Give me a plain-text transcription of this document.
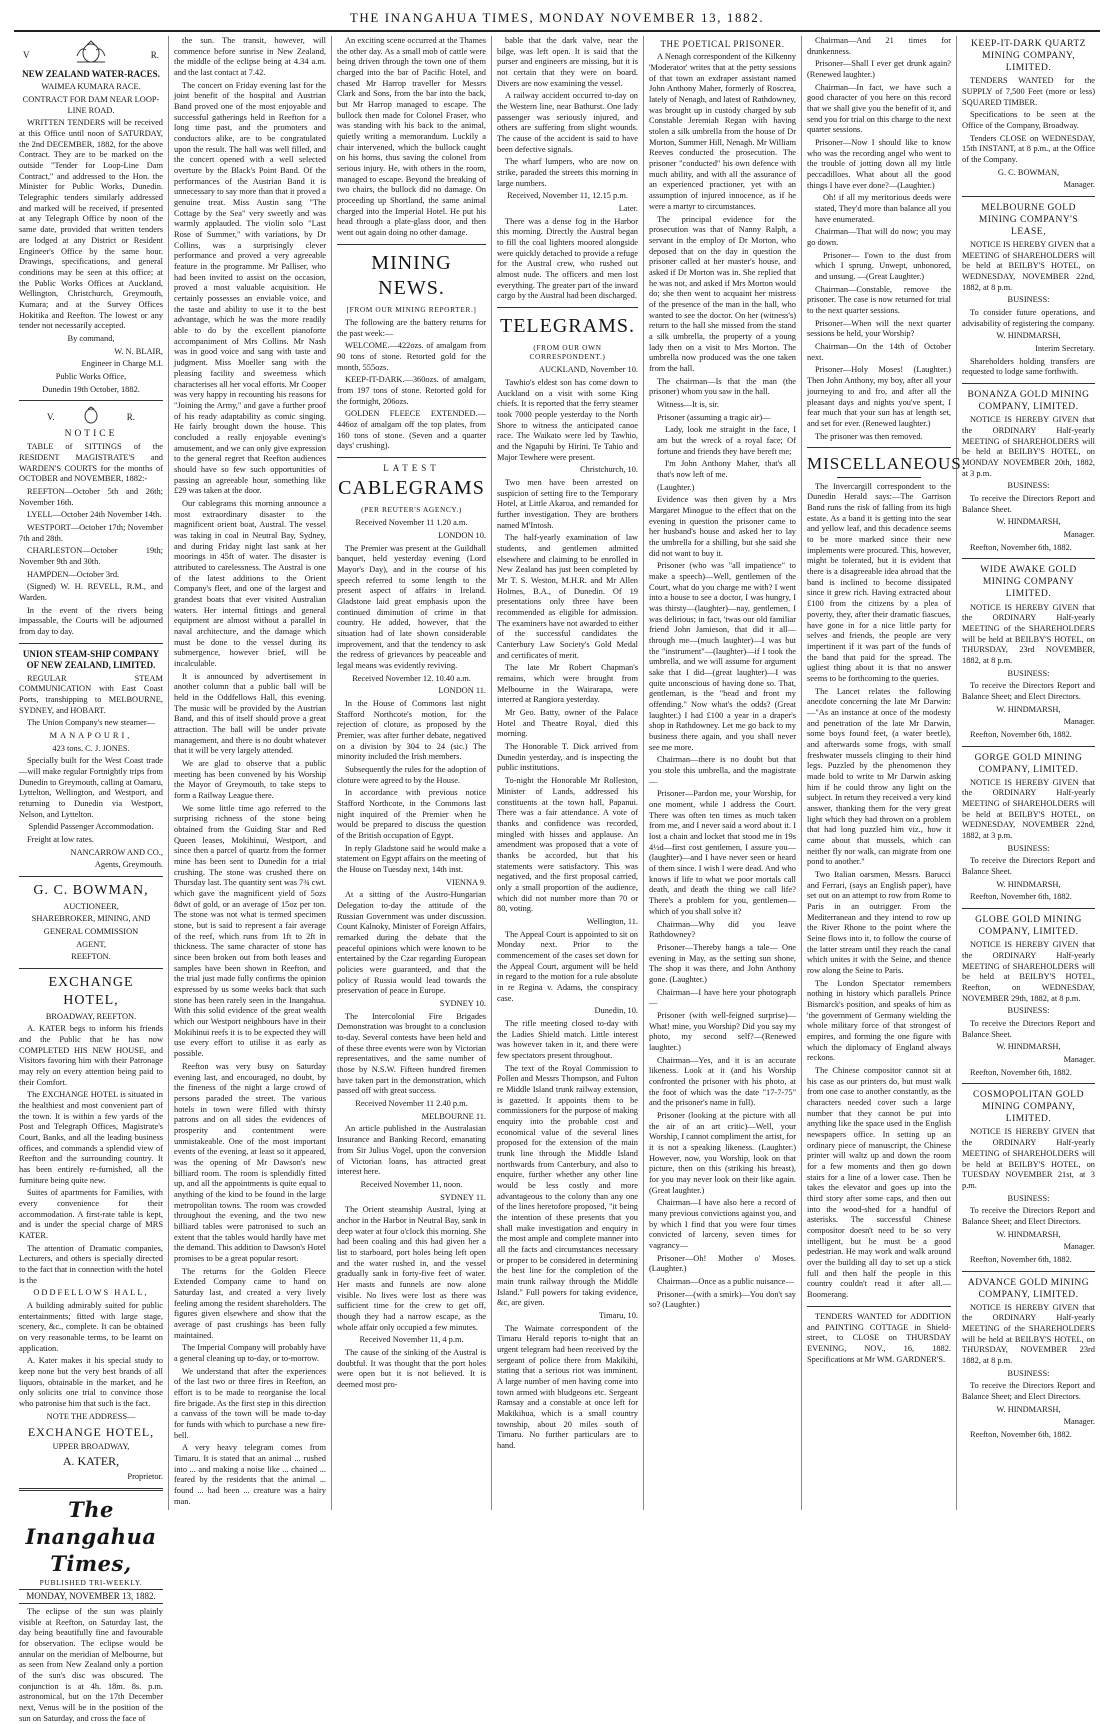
THE INANGAHUA TIMES, MONDAY NOVEMBER 13, 1882.
V	R.

NEW ZEALAND WATER-RACES.

WAIMEA KUMARA RACE.

CONTRACT FOR DAM NEAR LOOP-LINE ROAD.

WRITTEN TENDERS will be received at this Office until noon of SATURDAY, the 2nd DECEMBER, 1882, for the above Contract. They are to be marked on the outside "Tender for Loop-Line Dam Contract," and addressed to the Hon. the Minister for Public Works, Dunedin. Telegraphic tenders similarly addressed and marked will be received, if presented at any Telegraph Office by noon of the same date, provided that written tenders are lodged at any District or Resident Engineer's Office by the same hour. Drawings, specifications, and general conditions may be seen at this office; at the Public Works Offices at Auckland, Wellington, Christchurch, Greymouth, Kumara; and at the Survey Offices Hokitika and Reefton. The lowest or any tender not necessarily accepted.

By command,

W. N. BLAIR,

Engineer in Charge M.I.

Public Works Office,

Dunedin 19th October, 1882.

V.	R.

NOTICE

TABLE of SITTINGS of the RESIDENT MAGISTRATE'S and WARDEN'S COURTS for the months of OCTOBER and NOVEMBER, 1882:-

REEFTON—October 5th and 26th; November 16th.

LYELL—October 24th November 14th.

WESTPORT—October 17th; November 7th and 28th.

CHARLESTON—October 19th; November 9th and 30th.

HAMPDEN—October 3rd.

(Signed) W. H. REVELL, R.M., and Warden.

In the event of the rivers being impassable, the Courts will be adjourned from day to day.

UNION STEAM-SHIP COMPANY OF NEW ZEALAND, LIMITED.

REGULAR STEAM COMMUNICATION with East Coast Ports, transhipping to MELBOURNE, SYDNEY, and HOBART.

The Union Company's new steamer—

MANAPOURI,

423 tons. C. J. JONES.

Specially built for the West Coast trade—will make regular Fortnightly trips from Dunedin to Greymouth, calling at Oamaru, Lyttelton, Wellington, and Westport, and returning to Dunedin via Westport, Nelson, and Lyttelton.

Splendid Passenger Accommodation.

Freight at low rates.

NANCARROW AND CO.,

Agents, Greymouth.

G. C. BOWMAN,

AUCTIONEER,

SHAREBROKER, MINING, AND

GENERAL COMMISSION

AGENT,

REEFTON.

EXCHANGE HOTEL,

BROADWAY, REEFTON.

A. KATER begs to inform his friends and the Public that he has now COMPLETED HIS NEW HOUSE, and Visitors favoring him with their Patronage may rely on every attention being paid to their Comfort.

The EXCHANGE HOTEL is situated in the healthiest and most convenient part of the town. It is within a few yards of the Post and Telegraph Offices, Magistrate's Court, Banks, and all the leading business offices, and commands a splendid view of Reefton and the surrounding country. It has been entirely re-furnished, all the furniture being quite new.

Suites of apartments for Families, with every convenience for their accommodation. A first-rate table is kept, and is under the special charge of MRS KATER.

The attention of Dramatic companies, Lecturers, and others is specially directed to the fact that in connection with the hotel is the

ODDFELLOWS HALL,

A building admirably suited for public entertainments; fitted with large stage, scenery, &c., complete. It can be obtained on very reasonable terms, to be learnt on application.

A. Kater makes it his special study to keep none but the very best brands of all liquors, obtainable in the market, and he only solicits one trial to convince those who patronise him that such is the fact.

NOTE THE ADDRESS—

EXCHANGE HOTEL,

UPPER BROADWAY,

A. KATER,

Proprietor.

The Inangahua Times,

PUBLISHED TRI-WEEKLY.

MONDAY, NOVEMBER 13, 1882.

The eclipse of the sun was plainly visible at Reefton, on Saturday last, the day being beautifully fine and favourable for observation. The eclipse would be annular on the meridian of Melbourne, but as seen from New Zealand only a portion of the sun's disc was obscured. The conjunction is at 4h. 18m. 8s. p.m. astronomical, but on the 17th December next, Venus will be in the position of the sun on Saturday, and cross the face of

the sun. The transit, however, will commence before sunrise in New Zealand, the middle of the eclipse being at 4.34 a.m. and the last contact at 7.42.

The concert on Friday evening last for the joint benefit of the hospital and Austrian Band proved one of the most enjoyable and successful gatherings held in Reefton for a long time past, and the promoters and conductors alike, are to be congratulated upon the result. The hall was well filled, and the concert opened with a well selected overture by the Black's Point Band. Of the performances of the Austrian Band it is unnecessary to say more than that it proved a genuine treat. Miss Austin sang "The Cottage by the Sea" very sweetly and was warmly applauded. The violin solo "Last Rose of Summer," with variations, by Dr Collins, was a surprisingly clever performance and proved a very agreeable feature in the programme. Mr Palliser, who had been invited to assist on the occasion, proved a most valuable acquisition. He certainly possesses an enviable voice, and the taste and ability to use it to the best advantage, which he was the more readily able to do by the excellent pianoforte accompaniment of Mrs Collins. Mr Nash was in good voice and sang with taste and judgment. Miss Moeller sang with the pleasing facility and sweetness which characterises all her vocal efforts. Mr Cooper was very happy in recounting his reasons for "Joining the Army," and gave a further proof of his ready adaptability as comic singing. He fairly brought down the house. This concluded a really enjoyable evening's amusement, and we can only give expression to the general regret that Reefton audiences should have so few such opportunities of passing an agreeable hour, something like £29 was taken at the door.

Our cablegrams this morning announce a most extraordinary disaster to the magnificent orient boat, Austral. The vessel was taking in coal in Neutral Bay, Sydney, and during Friday night last sank at her moorings in 45ft of water. The disaster is attributed to carelessness. The Austral is one of the latest additions to the Orient Company's fleet, and one of the largest and grandest boats that ever visited Australian waters. Her internal fittings and general equipment are almost without a parallel in naval architecture, and the damage which must be done to the vessel during its submergence, however brief, will be incalculable.

It is announced by advertisement in another column that a public ball will be held in the Oddfellows Hall, this evening. The music will be provided by the Austrian Band, and this of itself should prove a great attraction. The ball will be under private management, and there is no doubt whatever that it will be very largely attended.

We are glad to observe that a public meeting has been convened by his Worship the Mayor of Greymouth, to take steps to form a Railway League there.

We some little time ago referred to the surprising richness of the stone being obtained from the Guiding Star and Red Queen leases, Mokihinui, Westport, and since then a parcel of quartz from the former mine has been sent to Dunedin for a trial crushing. The stone was crushed there on Thursday last. The quantity sent was 7¾ cwt. which gave the magnificent yield of 5ozs 8dwt of gold, or an average of 15oz per ton. The stone was not what is termed specimen stone, but is said to represent a fair average of the reef, which runs from 1ft to 2ft in thickness. The same character of stone has since been broken out from both leases and samples have been shown in Reefton, and the trial just made fully confirms the opinion expressed by us some weeks back that such stone has been rarely seen in the Inangahua. With this solid evidence of the great wealth which our Westport neighbours have in their Mokihinui reefs it is to be expected they will use every effort to utilise it as early as possible.

Reefton was very busy on Saturday evening last, and encouraged, no doubt, by the fineness of the night a large crowd of persons paraded the street. The various hotels in town were filled with thirsty patrons and on all sides the evidences of prosperity and contentment were unmistakeable. One of the most important events of the evening, at least so it appeared, was the opening of Mr Dawson's new billiard room. The room is splendidly fitted up, and all the appointments is quite equal to anything of the kind to be found in the large metropolitan towns. The room was crowded throughout the evening, and the two new billiard tables were patronised to such an extent that the tables would hardly have met the demand. This addition to Dawson's Hotel promises to be a great popular resort.

The returns for the Golden Fleece Extended Company came to hand on Saturday last, and created a very lively feeling among the resident shareholders. The figures given elsewhere and show that the average of past crushings has been fully maintained.

The Imperial Company will probably have a general cleaning up to-day, or to-morrow.

We understand that after the experiences of the last two or three fires in Reefton, an effort is to be made to reorganise the local fire brigade. As the first step in this direction a canvass of the town will be made to-day for funds with which to purchase a new fire-bell.

A very heavy telegram comes from Timaru. It is stated that an animal ... rushed into ... and making a noise like ... chained ... feared by the residents that the animal ... found ... had been ... creature was a hairy man.

An exciting scene occurred at the Thames the other day. As a small mob of cattle were being driven through the town one of them charged into the bar of Pacific Hotel, and chased Mr Harrop traveller for Messrs Clark and Sons, from the bar into the back, but Mr Harrop managed to escape. The bullock then made for Colonel Fraser, who was standing with his back to the animal, quietly writing a memorandum. Luckily a chair intervened, which the bullock caught on his horns, thus saving the colonel from serious injury. He, with others in the room, managed to escape. Beyond the breaking of two chairs, the bullock did no damage. On proceeding up Shortland, the same animal charged into the Imperial Hotel. He put his head through a plate-glass door, and then went out again doing no other damage.

MINING NEWS.

[FROM OUR MINING REPORTER.]

The following are the battery returns for the past week:—

WELCOME.—422ozs. of amalgam from 90 tons of stone. Retorted gold for the month, 555ozs.

KEEP-IT-DARK.—360ozs. of amalgam, from 197 tons of stone. Retorted gold for the fortnight, 206ozs.

GOLDEN FLEECE EXTENDED.—446oz of amalgam off the top plates, from 160 tons of stone. (Seven and a quarter days' crushing).

LATEST

CABLEGRAMS

(PER REUTER'S AGENCY.)

Received November 11 1.20 a.m.

LONDON 10.

The Premier was present at the Guildhall banquet, held yesterday evening (Lord Mayor's Day), and in the course of his speech referred to some length to the present aspect of affairs in Ireland. Gladstone laid great emphasis upon the continued diminution of crime in that country. He added, however, that the situation had of late shown considerable improvement, and that the tendency to ask the redress of grievances by peaceable and legal means was evidently reviving.

Received November 12. 10.40 a.m.

LONDON 11.

In the House of Commons last night Stafford Northcote's motion, for the rejection of cloture, as proposed by the Premier, was after further debate, negatived on a division by 304 to 24 (sic.) The minority included the Irish members.

Subsequently the rules for the adoption of cloture were agreed to by the House.

In accordance with previous notice Stafford Northcote, in the Commons last night inquired of the Premier when he would be prepared to discuss the question of the British occupation of Egypt.

In reply Gladstone said he would make a statement on Egypt affairs on the meeting of the House on Tuesday next, 14th inst.

VIENNA 9.

At a sitting of the Austro-Hungarian Delegation to-day the attitude of the Russian Government was under discussion. Count Kalnoky, Minister of Foreign Affairs, remarked during the debate that the peaceful opinions which were known to be entertained by the Czar regarding European policies were guaranteed, and that the policy of Russia would lead towards the preservation of peace in Europe.

SYDNEY 10.

The Intercolonial Fire Brigades Demonstration was brought to a conclusion to-day. Several contests have been held and of these three events were won by Victorian representatives, and the same number of those by N.S.W. Fifteen hundred firemen have taken part in the demonstration, which passed off with great success.

Received November 11 2.40 p.m.

MELBOURNE 11.

An article published in the Australasian Insurance and Banking Record, emanating from Sir Julius Vogel, upon the conversion of Victorian loans, has attracted great interest here.

Received November 11, noon.

SYDNEY 11.

The Orient steamship Austral, lying at anchor in the Harbor in Neutral Bay, sank in deep water at four o'clock this morning. She had been coaling and this had given her a list to starboard, port holes being left open and the water rushed in, and the vessel gradually sank in forty-five feet of water. Her masts and funnels are now alone visible. No lives were lost as there was sufficient time for the crew to get off, though they had a narrow escape, as the whole affair only occupied a few minutes.

Received November 11, 4 p.m.

The cause of the sinking of the Austral is doubtful. It was thought that the port holes were open but it is not believed. It is deemed most pro-

bable that the dark valve, near the bilge, was left open. It is said that the purser and engineers are missing, but it is not certain that they were on board. Divers are now examining the vessel.

A railway accident occurred to-day on the Western line, near Bathurst. One lady passenger was seriously injured, and others are suffering from slight wounds. The cause of the accident is said to have been defective signals.

The wharf lumpers, who are now on strike, paraded the streets this morning in large numbers.

Received, November 11, 12.15 p.m.

Later.

There was a dense fog in the Harbor this morning. Directly the Austral began to fill the coal lighters moored alongside were quickly detached to provide a refuge for the Austral crew, who rushed out almost nude. The officers and men lost everything. The greater part of the inward cargo by the Austral had been discharged.

TELEGRAMS.

(FROM OUR OWN CORRESPONDENT.)

AUCKLAND, November 10.

Tawhio's eldest son has come down to Auckland on a visit with some King chiefs. It is reported that the ferry steamer took 7000 people yesterday to the North Shore to witness the anticipated canoe race. The Waikato were led by Tawhio, and the Ngapuhi by Hirini. Te Tahio and Major Tewhere were present.

Christchurch, 10.

Two men have been arrested on suspicion of setting fire to the Temporary Hotel, at Little Akaroa, and remanded for further investigation. They are brothers named M'Intosh.

The half-yearly examination of law students, and gentlemen admitted elsewhere and claiming to be enrolled in New Zealand has just been completed by Mr T. S. Weston, M.H.R. and Mr Allen Holmes, B.A., of Dunedin. Of 19 presentations only three have been recommended as eligible for admission. The examiners have not awarded to either of the successful candidates the Canterbury Law Society's Gold Medal and certificates of merit.

The late Mr Robert Chapman's remains, which were brought from Melbourne in the Wairarapa, were interred at Rangiora yesterday.

Mr Geo. Batty, owner of the Palace Hotel and Theatre Royal, died this morning.

The Honorable T. Dick arrived from Dunedin yesterday, and is inspecting the public institutions.

To-night the Honorable Mr Rolleston, Minister of Lands, addressed his constituents at the town hall, Papanui. There was a fair attendance. A vote of thanks and confidence was recorded, mingled with hisses and applause. An amendment was proposed that a vote of thanks be accorded, but that his statements were satisfactory. This was negatived, and the first proposal carried, only a small proportion of the audience, which did not number more than 70 or 80, voting.

Wellington, 11.

The Appeal Court is appointed to sit on Monday next. Prior to the commencement of the cases set down for the Appeal Court, argument will be held in regard to the motion for a rule absolute in re Regina v. Adams, the conspiracy case.

Dunedin, 10.

The rifle meeting closed to-day with the Ladies Shield match. Little interest was however taken in it, and there were few spectators present throughout.

The text of the Royal Commission to Pollen and Messrs Thompson, and Fulton re Middle Island trunk railway extension, is gazetted. It appoints them to be commissioners for the purpose of making enquiry into the probable cost and economical value of the several lines proposed for the extension of the main trunk line through the Middle Island northwards from Canterbury, and also to enquire, further whether any other line would be less costly and more advantageous to the colony than any one of the lines heretofore proposed, "it being the intention of these presents that you shall make investigation and enquiry in the most ample and complete manner into all the facts and circumstances necessary or proper to be considered in determining the best line for the completion of the main trunk railway through the Middle Island." Full powers for taking evidence, &c, are given.

Timaru, 10.

The Waimate correspondent of the Timaru Herald reports to-night that an urgent telegram had been received by the sergeant of police there from Makikihi, stating that a serious riot was imminent. A large number of men having come into town armed with bludgeons etc. Sergeant Ramsay and a constable at once left for Makikihua, which is a small country township, about 20 miles south of Timaru. No further particulars are to hand.

THE POETICAL PRISONER.

A Nenagh correspondent of the Kilkenny 'Moderator' writes that at the petty sessions of that town an exdraper assistant named John Anthony Maher, formerly of Roscrea, lately of Nenagh, and latest of Rathdowney, was brought up in custody charged by sub Constable Jeremiah Regan with having stolen a silk umbrella from the house of Dr Morton, Summer Hill, Nenagh. Mr William Reeves conducted the prosecution. The prisoner "conducted" his own defence with much ability, and with all the assurance of an experienced practioner, yet with an assumption of injured innocence, as if he were a martyr to circumstances.

The principal evidence for the prosecution was that of Nanny Ralph, a servant in the employ of Dr Morton, who deposed that on the day in question the prisoner called at her master's house, and asked if Dr Morton was in. She replied that he was not, and asked if Mrs Morton would do; she then went to acquaint her mistress of the presence of the man in the hall, who wanted to see the doctor. On her (witness's) return to the hall she missed from the stand a silk umbrella, the property of a young lady then on a visit to Mrs Morton. The umbrella now produced was the one taken from the hall.

The chairman—Is that the man (the prisoner) whom you saw in the hall.

Witness—It is, sir.

Prisoner (assuming a tragic air)—

Lady, look me straight in the face, I am but the wreck of a royal face; Of fortune and friends they have bereft me;

I'm John Anthony Maher, that's all that's now left of me.

(Laughter.)

Evidence was then given by a Mrs Margaret Minogue to the effect that on the evening in question the prisoner came to her husband's house and asked her to lay the umbrella for a shilling, but she said she did not want to buy it.

Prisoner (who was "all impatience" to make a speech)—Well, gentlemen of the Court, what do you charge me with? I went into a house to see a doctor, I was hungry, I was thirsty—(laughter)—nay, gentlemen, I was delirious; in fact, 'twas our old familiar friend John Jamieson, that did it all—through me—(much laughter)—I was but the "instrument"—(laughter)—if I took the umbrella, and we will assume for argument sake that I did—(great laughter)—I was quite unconscious of having done so. That, gentleman, is the "head and front my offending." Now what's the odds? (Great laughter.) I had £100 a year in a draper's shop in Rathdowney. Let me go back to my business there again, and you shall never see me more.

Chairman—there is no doubt but that you stole this umbrella, and the magistrate—

Prisoner—Pardon me, your Worship, for one moment, while I address the Court. There was often ten times as much taken from me, and I never said a word about it. I lost a chain and locket that stood me in 19s 4½d—first cost gentlemen, I assure you—(laughter)—and I have never seen or heard of them since. I wish I were dead. And who knows if life to what we poor mortals call death, and death the thing we call life? There's a problem for you, gentlemen—which of you shall solve it?

Chairman—Why did you leave Rathdowney?

Prisoner—Thereby hangs a tale— One evening in May, as the setting sun shone, The shop it was there, and John Anthony gone. (Laughter.)

Chairman—I have here your photograph—

Prisoner (with well-feigned surprise)—What! mine, you Worship? Did you say my photo, my second self?—(Renewed laughter.)

Chairman—Yes, and it is an accurate likeness. Look at it (and his Worship confronted the prisoner with his photo, at the foot of which was the date "17-7-75" and the prisoner's name in full).

Prisoner (looking at the picture with all the air of an art critic)—Well, your Worship, I cannot compliment the artist, for it is not a speaking likeness. (Laughter.) However, now, you Worship, look on that picture, then on this (striking his breast), for you may never look on their like again. (Great laughter.)

Chairman—I have also here a record of many previous convictions against you, and by which I find that you were four times convicted of larceny, seven times for vagrancy—

Prisoner—Oh! Mother o' Moses. (Laughter.)

Chairman—Once as a public nuisance—

Prisoner—(with a smirk)—You don't say so? (Laughter.)

Chairman—And 21 times for drunkenness.

Prisoner—Shall I ever get drunk again? (Renewed laughter.)

Chairman—In fact, we have such a good character of you here on this record that we shall give you the benefit of it, and send you for trial on this charge to the next quarter sessions.

Prisoner—Now I should like to know who was the recording angel who went to the trouble of jotting down all my little peccadilloes. What about all the good things I have ever done?—(Laughter.)

Oh! if all my meritorious deeds were stated, They'd more than balance all you have enumerated.

Chairman—That will do now; you may go down.

Prisoner— I'own to the dust from which I sprung. Unwept, unhonored, and unsung. —(Great Laughter.)

Chairman—Constable, remove the prisoner. The case is now returned for trial to the next quarter sessions.

Prisoner—When will the next quarter sessions be held, your Worship?

Chairman—On the 14th of October next.

Prisoner—Holy Moses! (Laughter.) Then John Anthony, my boy, after all your journeying to and fro, and after all the pleasant days and nights you've spent, I fear much that your sun has at length set, and set for ever. (Renewed laughter.)

The prisoner was then removed.

MISCELLANEOUS.

The Invercargill correspondent to the Dunedin Herald says:—The Garrison Band runs the risk of falling from its high estate. As a band it is getting into the sear and yellow leaf, and this decadence seems to be more marked since their new implements were procured. This, however, might be tolerated, but it is evident that there is a disagreeable idea abroad that the band is inclined to become dissipated since it grew rich. Having extracted about £100 from the citizens by a plea of poverty, they, after their dramatic fiascues, have gone in for a nice little party for selves and friends, the people are very impertinent if it was part of the funds of the band that paid for the spread. The ugliest thing about it is that no answer seems to be forthcoming to the queries.

The Lancet relates the following anecdote concerning the late Mr Darwin:—"As an instance at once of the modesty and penetration of the late Mr Darwin, some boys found feet, (a water beetle), and afterwards some frogs, with small freshwater mussels clinging to their hind legs. Puzzled by the phenomenon they made bold to write to Mr Darwin asking him if he could throw any light on the subject. In return they received a very kind answer, thanking them for the very great light which they had thrown on a problem that had long puzzled him viz., how it came about that mussels, which can neither fly nor walk, can migrate from one pond to another."

Two Italian oarsmen, Messrs. Barucci and Ferrari, (says an English paper), have set out on an attempt to row from Rome to Paris in an outrigger. From the Mediterranean and they intend to row up the River Rhone to the point where the Seine flows into it, to follow the course of the latter stream until they reach the canal which unites it with the Seine, and thence row along the Seine to Paris.

The London Spectator remembers nothing in history which parallels Prince Bismarck's position, and speaks of him as 'the government of Germany wielding the whole military force of that strongest of empires, and forming the one figure with which the diplomacy of England always reckons.

The Chinese compositor cannot sit at his case as our printers do, but must walk from one case to another constantly, as the characters needed cover such a large number that they cannot be put into anything like the space used in the English newspapers office. In setting up an ordinary piece of manuscript, the Chinese printer will waltz up and down the room for a few moments and then go down stairs for a line of a lower case. Then he takes the elevator and goes up into the third story after some caps, and then out into the wood-shed for a handful of asterisks. The successful Chinese compositor doesn't need to be so very intelligent, but he must be a good pedestrian. He may work and walk around over the building all day to set up a stick full and then half the people in this country couldn't read it after all.—Boomerang.

TENDERS WANTED for ADDITION and PAINTING COTTAGE in Shield-street, to CLOSE on THURSDAY EVENING, NOV., 16, 1882. Specifications at Mr WM. GARDNER'S.

KEEP-IT-DARK QUARTZ MINING COMPANY, LIMITED.

TENDERS WANTED for the SUPPLY of 7,500 Feet (more or less) SQUARED TIMBER.

Specifications to be seen at the Office of the Company, Broadway.

Tenders CLOSE on WEDNESDAY, 15th INSTANT, at 8 p.m., at the Office of the Company.

G. C. BOWMAN,

Manager.

MELBOURNE GOLD MINING COMPANY'S LEASE,

NOTICE IS HEREBY GIVEN that a MEETING of SHAREHOLDERS will be held at BEILBY'S HOTEL, on WEDNESDAY, NOVEMBER 22nd, 1882, at 8 p.m.

BUSINESS:

To consider future operations, and advisability of registering the company.

W. HINDMARSH,

Interim Secretary.

Shareholders holding transfers are requested to lodge same forthwith.

BONANZA GOLD MINING COMPANY, LIMITED.

NOTICE IS HEREBY GIVEN that the ORDINARY Half-yearly MEETING of SHAREHOLDERS will be held at BEILBY'S HOTEL, on MONDAY NOVEMBER 20th, 1882, at 3 p.m.

BUSINESS:

To receive the Directors Report and Balance Sheet.

W. HINDMARSH,

Manager.

Reefton, November 6th, 1882.

WIDE AWAKE GOLD MINING COMPANY LIMITED.

NOTICE IS HEREBY GIVEN that the ORDINARY Half-yearly MEETING of the SHAREHOLDERS will be held at BEILBY'S HOTEL, on THURSDAY, 23rd NOVEMBER, 1882, at 8 p.m.

BUSINESS:

To receive the Directors Report and Balance Sheet; and Elect Directors.

W. HINDMARSH,

Manager.

Reefton, November 6th, 1882.

GORGE GOLD MINING COMPANY, LIMITED.

NOTICE IS HEREBY GIVEN that the ORDINARY Half-yearly MEETING of SHAREHOLDERS will be held at BEILBY'S HOTEL, on WEDNESDAY, NOVEMBER 22nd, 1882, at 3 p.m.

BUSINESS:

To receive the Directors Report and Balance Sheet.

W. HINDMARSH,

Reefton, November 6th, 1882.

GLOBE GOLD MINING COMPANY, LIMITED.

NOTICE IS HEREBY GIVEN that the ORDINARY Half-yearly MEETING of SHAREHOLDERS will be held at BEILBY'S HOTEL, Reefton, on WEDNESDAY, NOVEMBER 29th, 1882, at 8 p.m.

BUSINESS:

To receive the Directors Report and Balance Sheet.

W. HINDMARSH,

Manager.

Reefton, November 6th, 1882.

COSMOPOLITAN GOLD MINING COMPANY, LIMITED.

NOTICE IS HEREBY GIVEN that the ORDINARY Half-yearly MEETING of SHAREHOLDERS will be held at BEILBY'S HOTEL, on TUESDAY NOVEMBER 21st, at 3 p.m.

BUSINESS:

To receive the Directors Report and Balance Sheet; and Elect Directors.

W. HINDMARSH,

Manager.

Reefton, November 6th, 1882.

ADVANCE GOLD MINING COMPANY, LIMITED.

NOTICE IS HEREBY GIVEN that the ORDINARY Half-yearly MEETING of the SHAREHOLDERS will be held at BEILBY'S HOTEL, on THURSDAY, NOVEMBER 23rd 1882, at 8 p.m.

BUSINESS:

To receive the Directors Report and Balance Sheet; and Elect Directors.

W. HINDMARSH,

Manager.

Reefton, November 6th, 1882.
